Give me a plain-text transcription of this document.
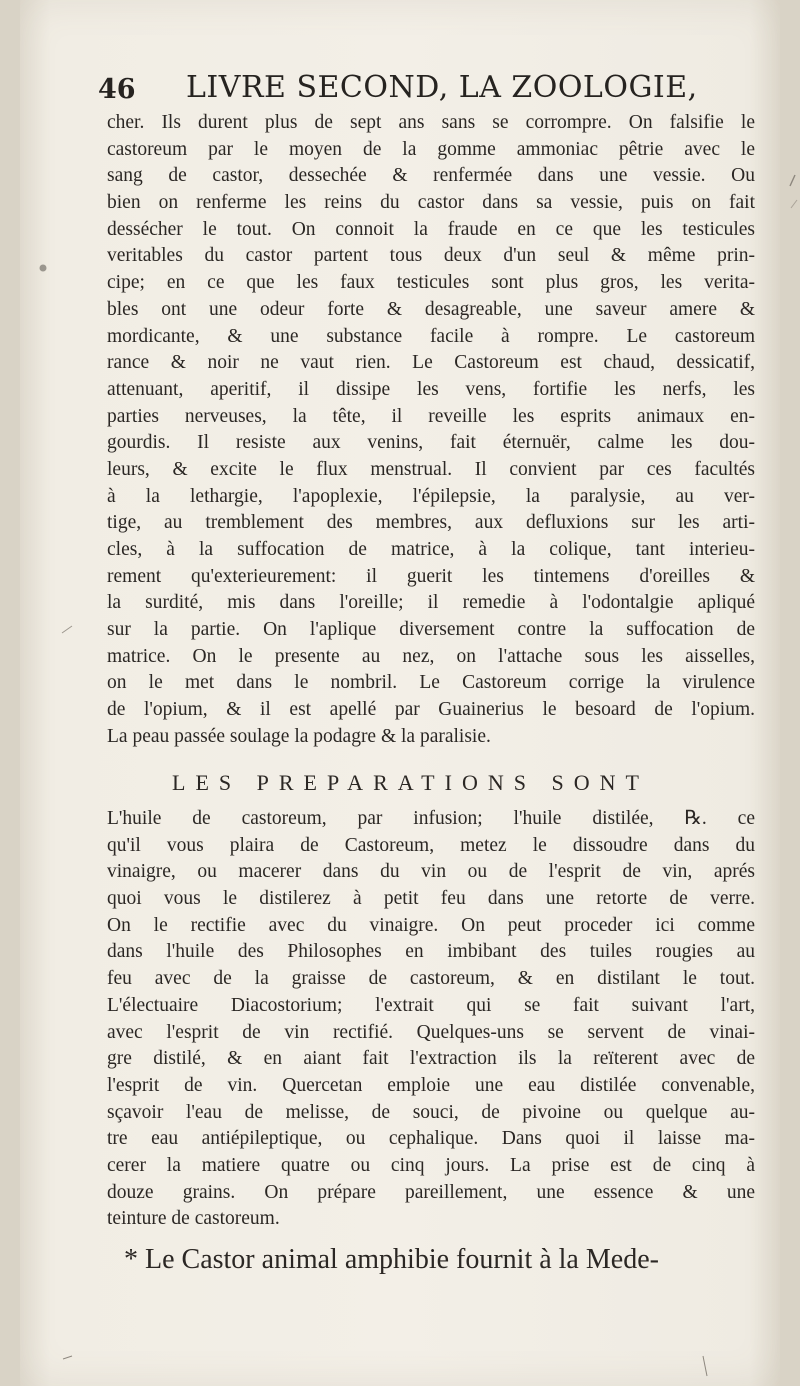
46 LIVRE SECOND, LA ZOOLOGIE,
cher. Ils durent plus de sept ans sans se corrompre. On falsifie le
castoreum par le moyen de la gomme ammoniac pêtrie avec le
sang de castor, dessechée & renfermée dans une vessie. Ou
bien on renferme les reins du castor dans sa vessie, puis on fait
dessécher le tout. On connoit la fraude en ce que les testicules
veritables du castor partent tous deux d'un seul & même prin-
cipe; en ce que les faux testicules sont plus gros, les verita-
bles ont une odeur forte & desagreable, une saveur amere &
mordicante, & une substance facile à rompre. Le castoreum
rance & noir ne vaut rien. Le Castoreum est chaud, dessicatif,
attenuant, aperitif, il dissipe les vens, fortifie les nerfs, les
parties nerveuses, la tête, il reveille les esprits animaux en-
gourdis. Il resiste aux venins, fait éternuër, calme les dou-
leurs, & excite le flux menstrual. Il convient par ces facultés
à la lethargie, l'apoplexie, l'épilepsie, la paralysie, au ver-
tige, au tremblement des membres, aux defluxions sur les arti-
cles, à la suffocation de matrice, à la colique, tant interieu-
rement qu'exterieurement: il guerit les tintemens d'oreilles &
la surdité, mis dans l'oreille; il remedie à l'odontalgie apliqué
sur la partie. On l'aplique diversement contre la suffocation de
matrice. On le presente au nez, on l'attache sous les aisselles,
on le met dans le nombril. Le Castoreum corrige la virulence
de l'opium, & il est apellé par Guainerius le besoard de l'opium.
La peau passée soulage la podagre & la paralisie.
LES PREPARATIONS SONT
L'huile de castoreum, par infusion; l'huile distilée, ℞. ce
qu'il vous plaira de Castoreum, metez le dissoudre dans du
vinaigre, ou macerer dans du vin ou de l'esprit de vin, aprés
quoi vous le distilerez à petit feu dans une retorte de verre.
On le rectifie avec du vinaigre. On peut proceder ici comme
dans l'huile des Philosophes en imbibant des tuiles rougies au
feu avec de la graisse de castoreum, & en distilant le tout.
L'électuaire Diacostorium; l'extrait qui se fait suivant l'art,
avec l'esprit de vin rectifié. Quelques-uns se servent de vinai-
gre distilé, & en aiant fait l'extraction ils la reïterent avec de
l'esprit de vin. Quercetan emploie une eau distilée convenable,
sçavoir l'eau de melisse, de souci, de pivoine ou quelque au-
tre eau antiépileptique, ou cephalique. Dans quoi il laisse ma-
cerer la matiere quatre ou cinq jours. La prise est de cinq à
douze grains. On prépare pareillement, une essence & une
teinture de castoreum.
* Le Castor animal amphibie fournit à la Mede-
